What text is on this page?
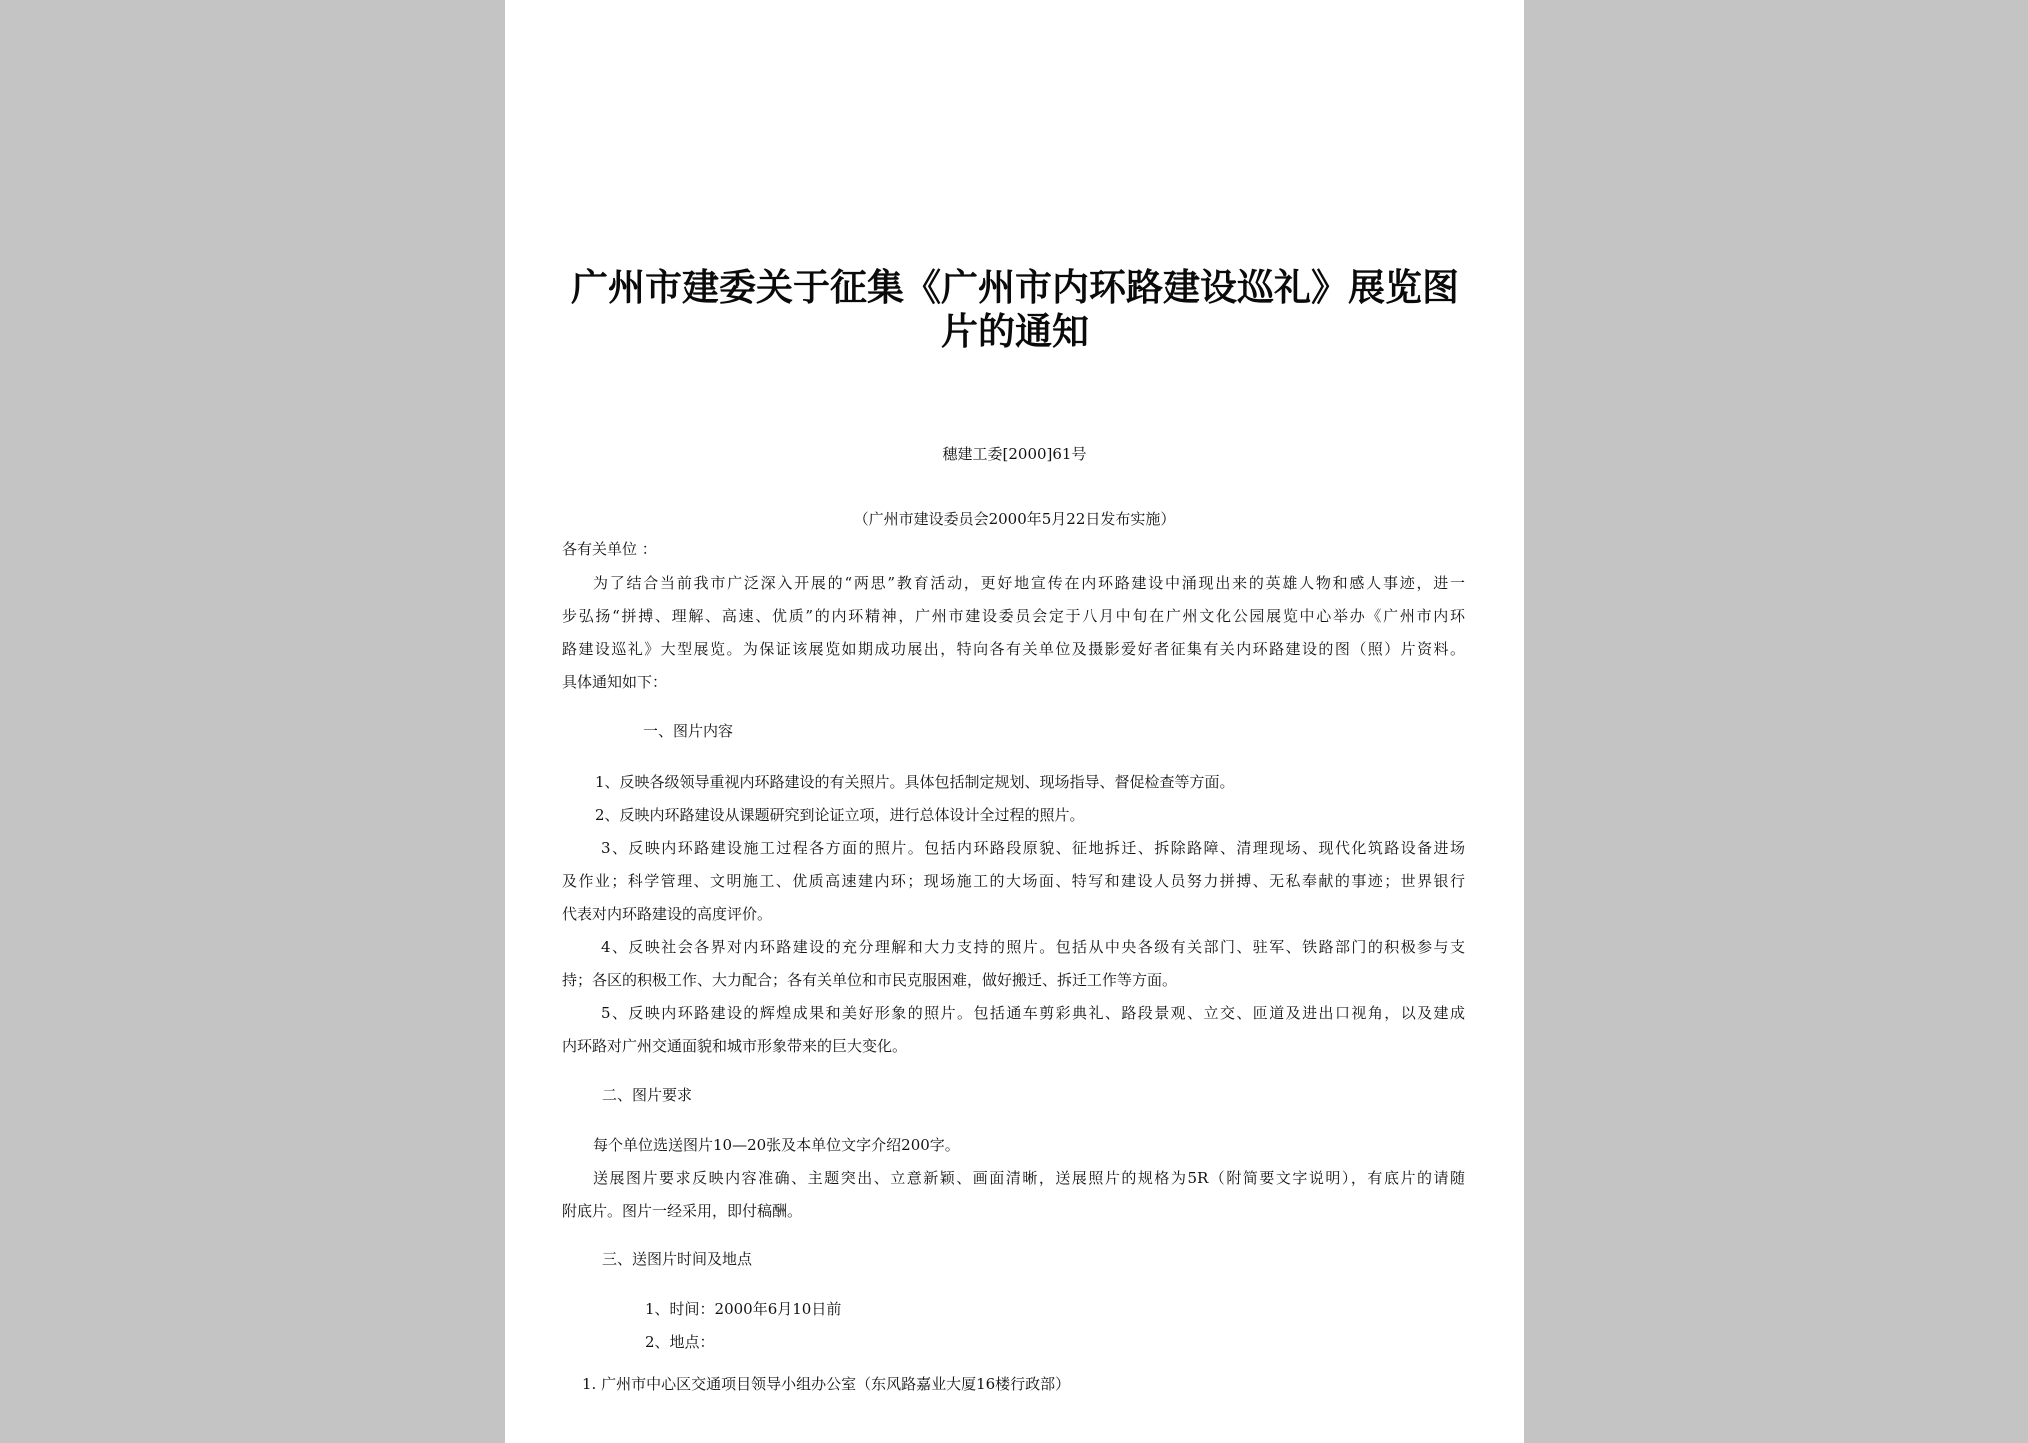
广州市建委关于征集《广州市内环路建设巡礼》展览图
片的通知
穗建工委[2000]61号
（广州市建设委员会2000年5月22日发布实施）
各有关单位 ：
为了结合当前我市广泛深入开展的“两思”教育活动，更好地宣传在内环路建设中涌现出来的英雄人物和感人事迹，进一
步弘扬“拼搏、理解、高速、优质”的内环精神，广州市建设委员会定于八月中旬在广州文化公园展览中心举办《广州市内环
路建设巡礼》大型展览。为保证该展览如期成功展出，特向各有关单位及摄影爱好者征集有关内环路建设的图（照）片资料。
具体通知如下：
一、图片内容
1、反映各级领导重视内环路建设的有关照片。具体包括制定规划、现场指导、督促检查等方面。
2、反映内环路建设从课题研究到论证立项，进行总体设计全过程的照片。
3、反映内环路建设施工过程各方面的照片。包括内环路段原貌、征地拆迁、拆除路障、清理现场、现代化筑路设备进场
及作业；科学管理、文明施工、优质高速建内环；现场施工的大场面、特写和建设人员努力拼搏、无私奉献的事迹；世界银行
代表对内环路建设的高度评价。
4、反映社会各界对内环路建设的充分理解和大力支持的照片。包括从中央各级有关部门、驻军、铁路部门的积极参与支
持；各区的积极工作、大力配合；各有关单位和市民克服困难，做好搬迁、拆迁工作等方面。
5、反映内环路建设的辉煌成果和美好形象的照片。包括通车剪彩典礼、路段景观、立交、匝道及进出口视角，以及建成
内环路对广州交通面貌和城市形象带来的巨大变化。
二、图片要求
每个单位选送图片10—20张及本单位文字介绍200字。
送展图片要求反映内容准确、主题突出、立意新颖、画面清晰，送展照片的规格为5R（附简要文字说明），有底片的请随
附底片。图片一经采用，即付稿酬。
三、送图片时间及地点
1、时间：2000年6月10日前
2、地点：
1. 广州市中心区交通项目领导小组办公室（东风路嘉业大厦16楼行政部）
